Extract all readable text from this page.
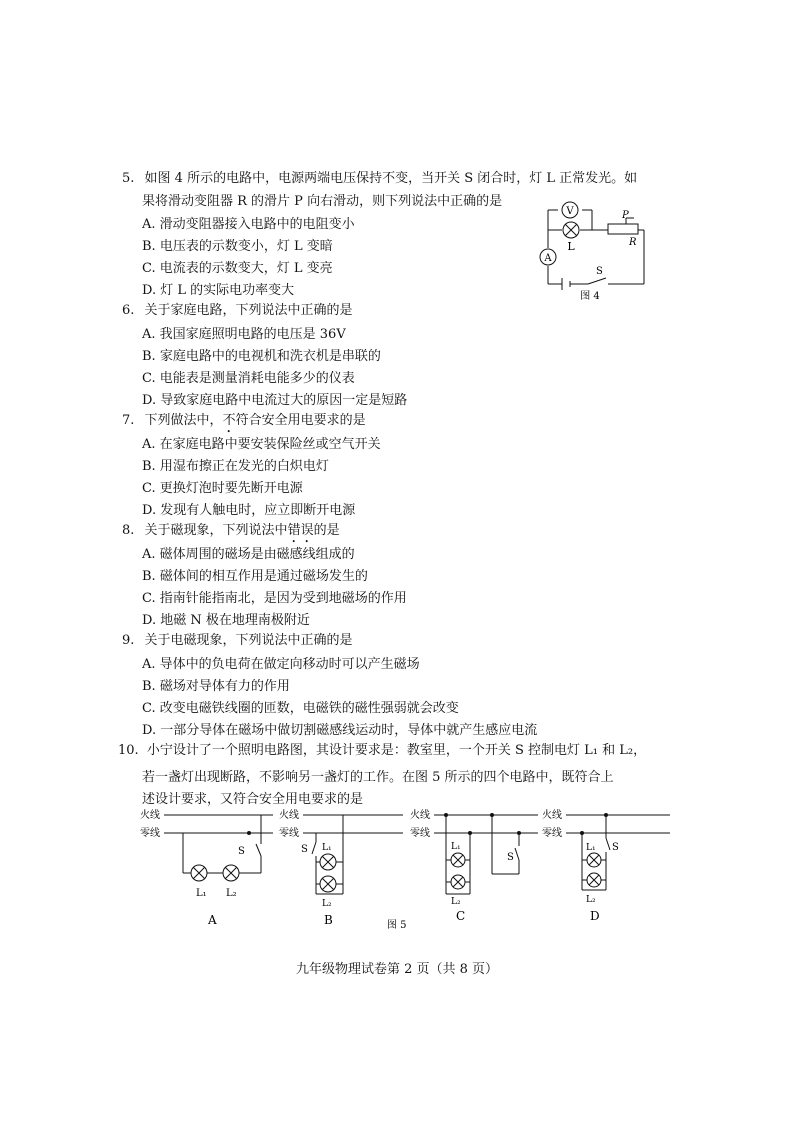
5. 如图 4 所示的电路中，电源两端电压保持不变，当开关 S 闭合时，灯 L 正常发光。如
果将滑动变阻器 R 的滑片 P 向右滑动，则下列说法中正确的是
A. 滑动变阻器接入电路中的电阻变小
B. 电压表的示数变小，灯 L 变暗
C. 电流表的示数变大，灯 L 变亮
D. 灯 L 的实际电功率变大
V
L
A
P
R
S
图 4
6. 关于家庭电路，下列说法中正确的是
A. 我国家庭照明电路的电压是 36V
B. 家庭电路中的电视机和洗衣机是串联的
C. 电能表是测量消耗电能多少的仪表
D. 导致家庭电路中电流过大的原因一定是短路
7. 下列做法中，不符合安全用电要求的是
A. 在家庭电路中要安装保险丝或空气开关
B. 用湿布擦正在发光的白炽电灯
C. 更换灯泡时要先断开电源
D. 发现有人触电时，应立即断开电源
8. 关于磁现象，下列说法中错误的是
A. 磁体周围的磁场是由磁感线组成的
B. 磁体间的相互作用是通过磁场发生的
C. 指南针能指南北，是因为受到地磁场的作用
D. 地磁 N 极在地理南极附近
9. 关于电磁现象，下列说法中正确的是
A. 导体中的负电荷在做定向移动时可以产生磁场
B. 磁场对导体有力的作用
C. 改变电磁铁线圈的匝数，电磁铁的磁性强弱就会改变
D. 一部分导体在磁场中做切割磁感线运动时，导体中就产生感应电流
10. 小宁设计了一个照明电路图，其设计要求是：教室里，一个开关 S 控制电灯 L₁ 和 L₂，
若一盏灯出现断路，不影响另一盏灯的工作。在图 5 所示的四个电路中，既符合上
述设计要求，又符合安全用电要求的是
火线
零线
S
L₁ L₂
A
火线
零线
S L₁
L₂
B
火线
零线
S
L₁
L₂
C
火线
零线
S
L₁
L₂
D
图 5
九年级物理试卷第 2 页（共 8 页）
